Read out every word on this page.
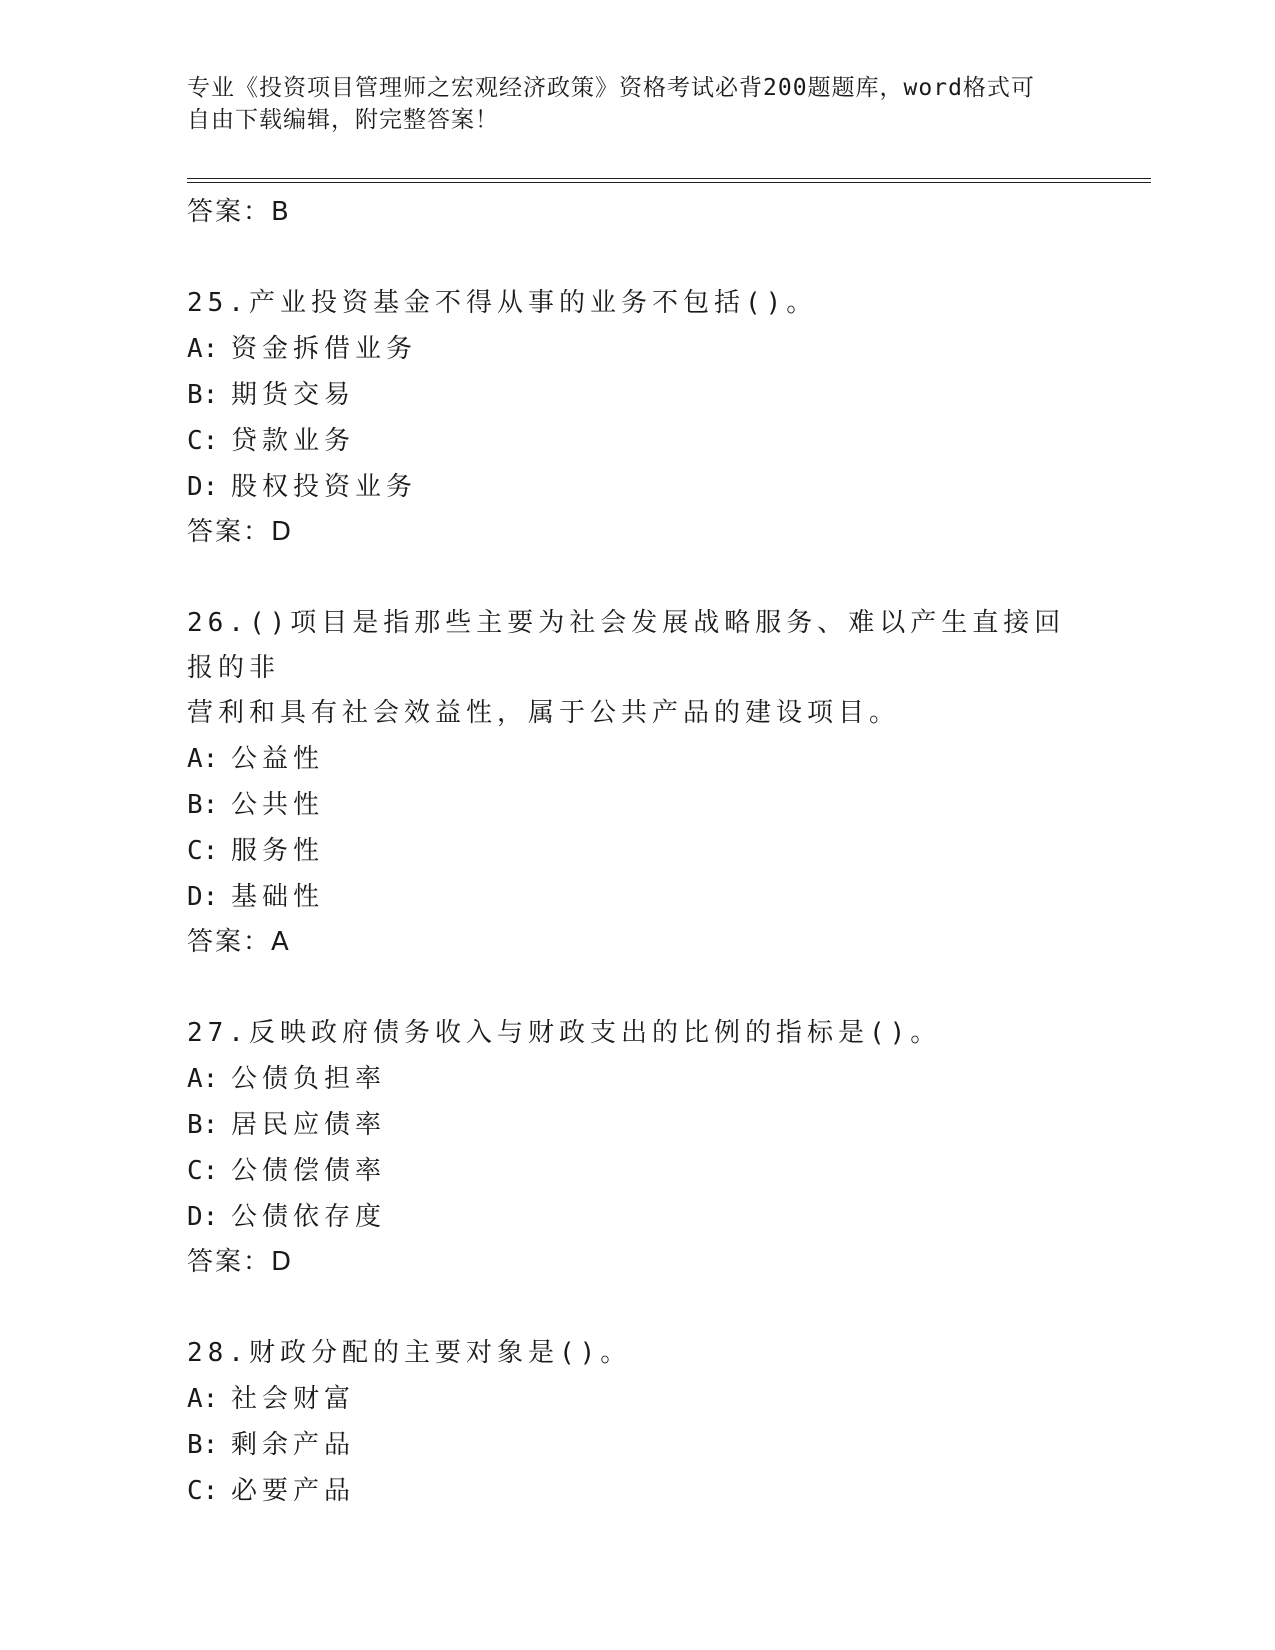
专业《投资项目管理师之宏观经济政策》资格考试必背200题题库，word格式可
自由下载编辑，附完整答案！
答案：B
25.产业投资基金不得从事的业务不包括()。
A: 资金拆借业务
B: 期货交易
C: 贷款业务
D: 股权投资业务
答案：D
26.()项目是指那些主要为社会发展战略服务、难以产生直接回报的非
营利和具有社会效益性，属于公共产品的建设项目。
A: 公益性
B: 公共性
C: 服务性
D: 基础性
答案：A
27.反映政府债务收入与财政支出的比例的指标是()。
A: 公债负担率
B: 居民应债率
C: 公债偿债率
D: 公债依存度
答案：D
28.财政分配的主要对象是()。
A: 社会财富
B: 剩余产品
C: 必要产品
